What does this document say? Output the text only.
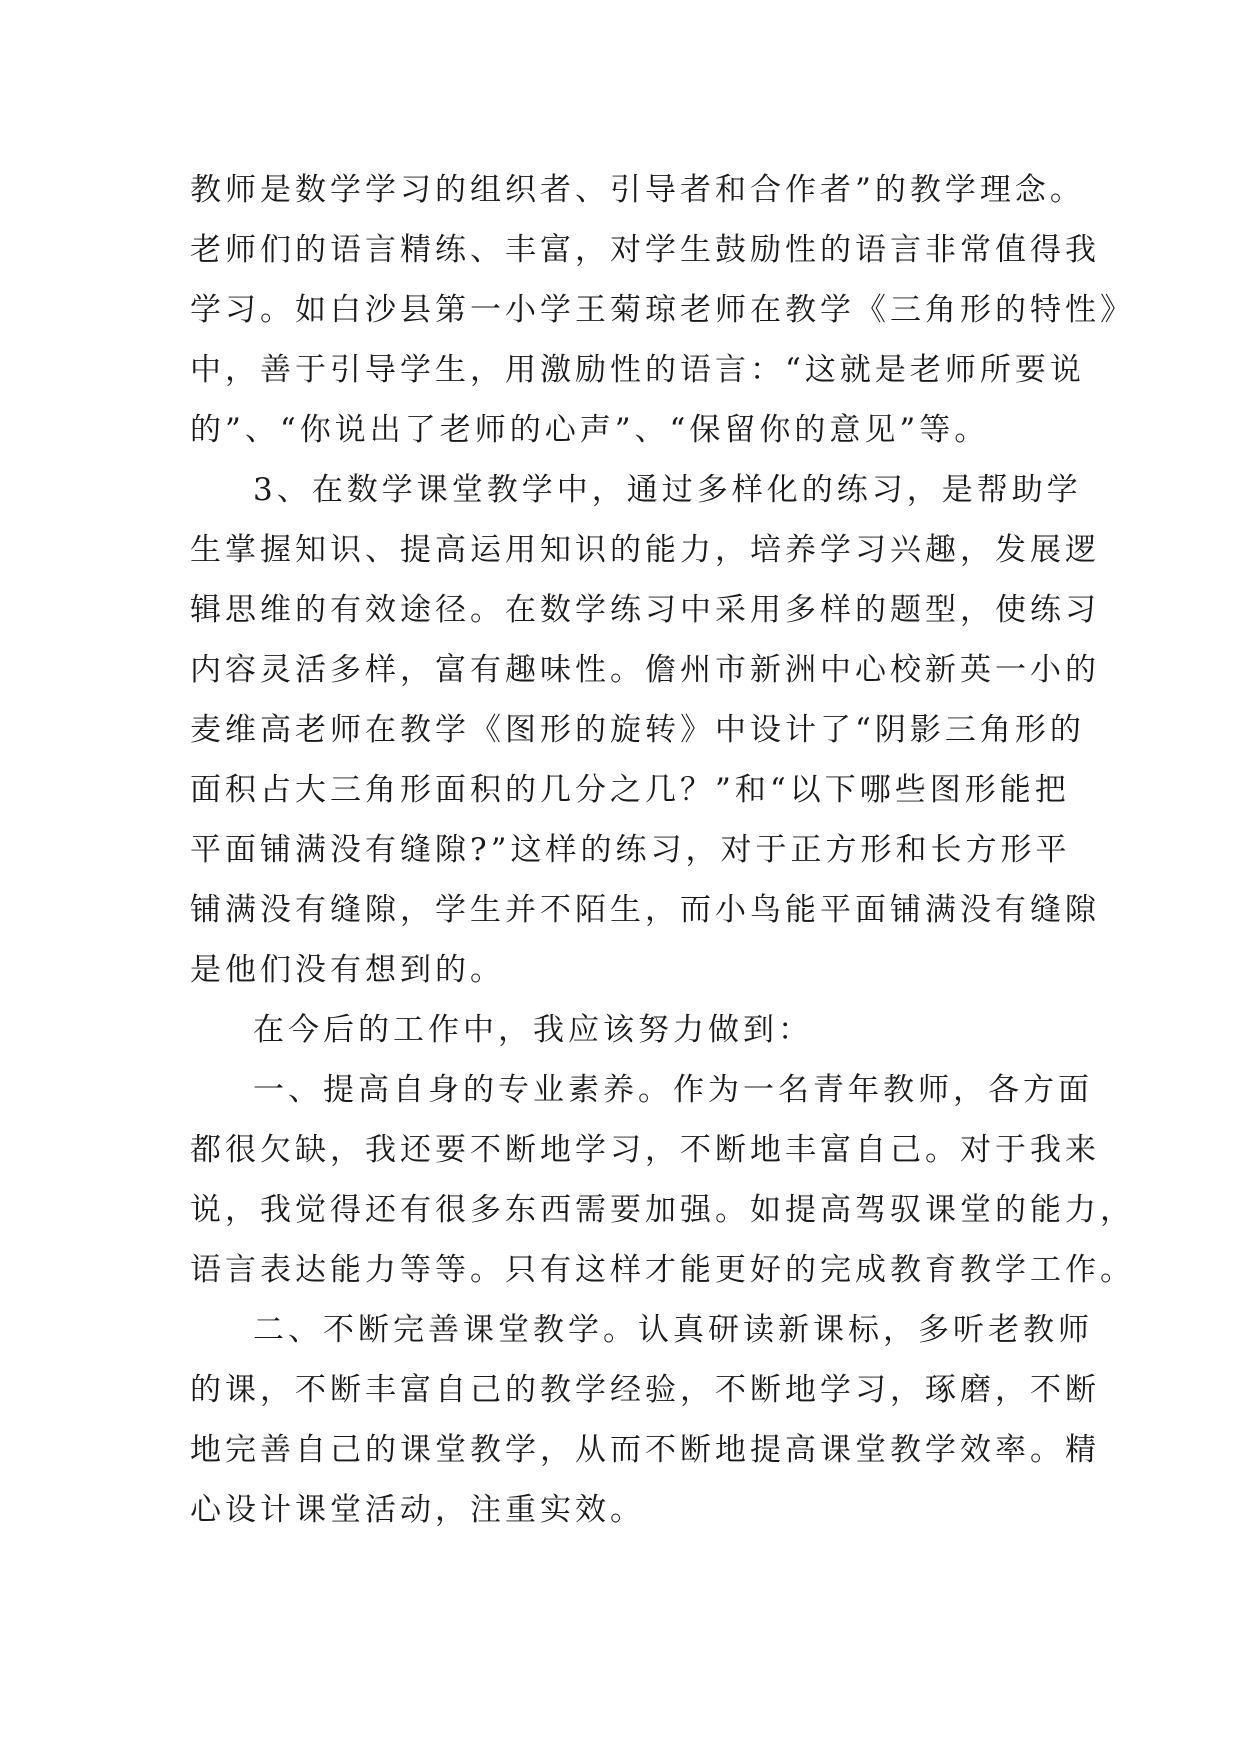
教师是数学学习的组织者、引导者和合作者”的教学理念。
老师们的语言精练、丰富，对学生鼓励性的语言非常值得我
学习。如白沙县第一小学王菊琼老师在教学《三角形的特性》
中，善于引导学生，用激励性的语言：“这就是老师所要说
的”、“你说出了老师的心声”、“保留你的意见”等。
3、在数学课堂教学中，通过多样化的练习，是帮助学
生掌握知识、提高运用知识的能力，培养学习兴趣，发展逻
辑思维的有效途径。在数学练习中采用多样的题型，使练习
内容灵活多样，富有趣味性。儋州市新洲中心校新英一小的
麦维高老师在教学《图形的旋转》中设计了“阴影三角形的
面积占大三角形面积的几分之几？”和“以下哪些图形能把
平面铺满没有缝隙?”这样的练习，对于正方形和长方形平
铺满没有缝隙，学生并不陌生，而小鸟能平面铺满没有缝隙
是他们没有想到的。
在今后的工作中，我应该努力做到：
一、提高自身的专业素养。作为一名青年教师，各方面
都很欠缺，我还要不断地学习，不断地丰富自己。对于我来
说，我觉得还有很多东西需要加强。如提高驾驭课堂的能力，
语言表达能力等等。只有这样才能更好的完成教育教学工作。
二、不断完善课堂教学。认真研读新课标，多听老教师
的课，不断丰富自己的教学经验，不断地学习，琢磨，不断
地完善自己的课堂教学，从而不断地提高课堂教学效率。精
心设计课堂活动，注重实效。
